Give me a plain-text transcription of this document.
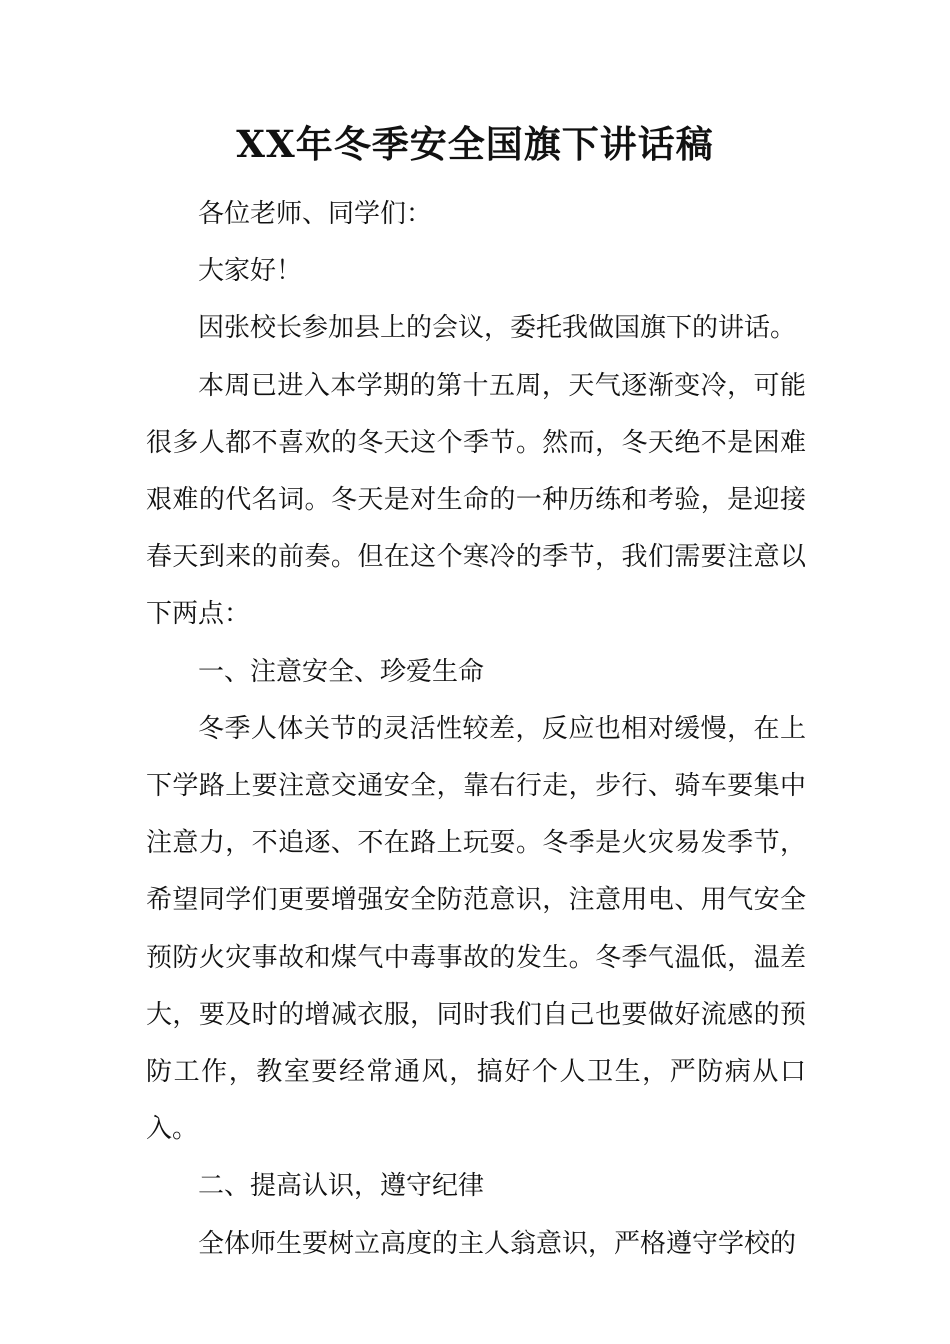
XX年冬季安全国旗下讲话稿

各位老师、同学们：

大家好！

因张校长参加县上的会议，委托我做国旗下的讲话。

本周已进入本学期的第十五周，天气逐渐变冷，可能很多人都不喜欢的冬天这个季节。然而，冬天绝不是困难艰难的代名词。冬天是对生命的一种历练和考验，是迎接春天到来的前奏。但在这个寒冷的季节，我们需要注意以下两点：

一、注意安全、珍爱生命

冬季人体关节的灵活性较差，反应也相对缓慢，在上下学路上要注意交通安全，靠右行走，步行、骑车要集中注意力，不追逐、不在路上玩耍。冬季是火灾易发季节，希望同学们更要增强安全防范意识，注意用电、用气安全预防火灾事故和煤气中毒事故的发生。冬季气温低，温差大，要及时的增减衣服，同时我们自己也要做好流感的预防工作，教室要经常通风，搞好个人卫生，严防病从口入。

二、提高认识，遵守纪律

全体师生要树立高度的主人翁意识，严格遵守学校的
